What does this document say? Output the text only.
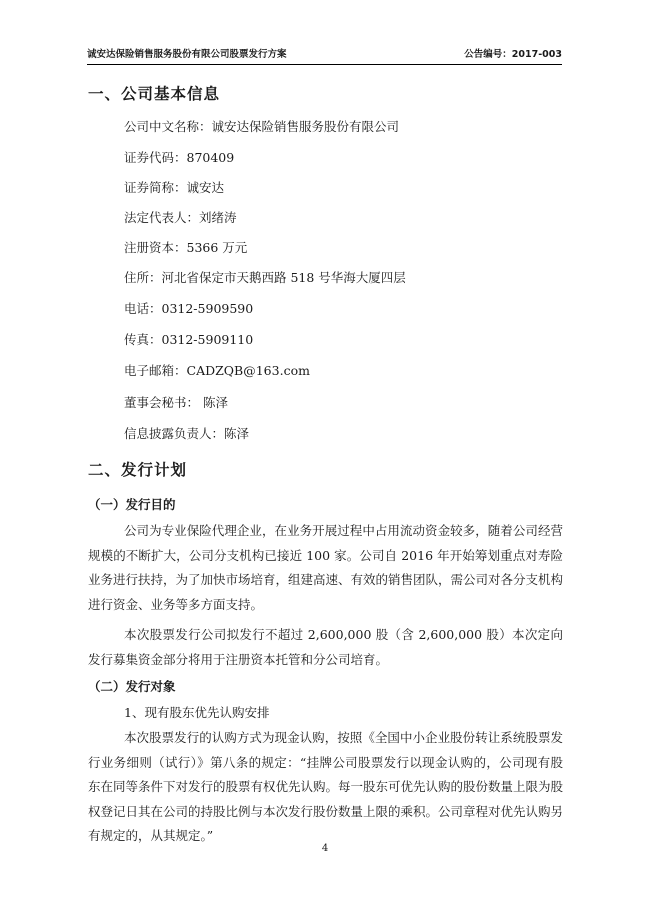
诚安达保险销售服务股份有限公司股票发行方案	公告编号：2017-003
一、公司基本信息
公司中文名称：诚安达保险销售服务股份有限公司
证券代码：870409
证券简称：诚安达
法定代表人：刘绪涛
注册资本：5366 万元
住所：河北省保定市天鹅西路 518 号华海大厦四层
电话：0312-5909590
传真：0312-5909110
电子邮箱：CADZQB@163.com
董事会秘书： 陈泽
信息披露负责人：陈泽
二、发行计划
（一）发行目的
公司为专业保险代理企业，在业务开展过程中占用流动资金较多，随着公司经营规模的不断扩大，公司分支机构已接近 100 家。公司自 2016 年开始筹划重点对寿险业务进行扶持，为了加快市场培育，组建高速、有效的销售团队，需公司对各分支机构进行资金、业务等多方面支持。
本次股票发行公司拟发行不超过 2,600,000 股（含 2,600,000 股）本次定向发行募集资金部分将用于注册资本托管和分公司培育。
（二）发行对象
1、现有股东优先认购安排
本次股票发行的认购方式为现金认购，按照《全国中小企业股份转让系统股票发行业务细则（试行）》第八条的规定：“挂牌公司股票发行以现金认购的，公司现有股东在同等条件下对发行的股票有权优先认购。每一股东可优先认购的股份数量上限为股权登记日其在公司的持股比例与本次发行股份数量上限的乘积。公司章程对优先认购另有规定的，从其规定。”
4
